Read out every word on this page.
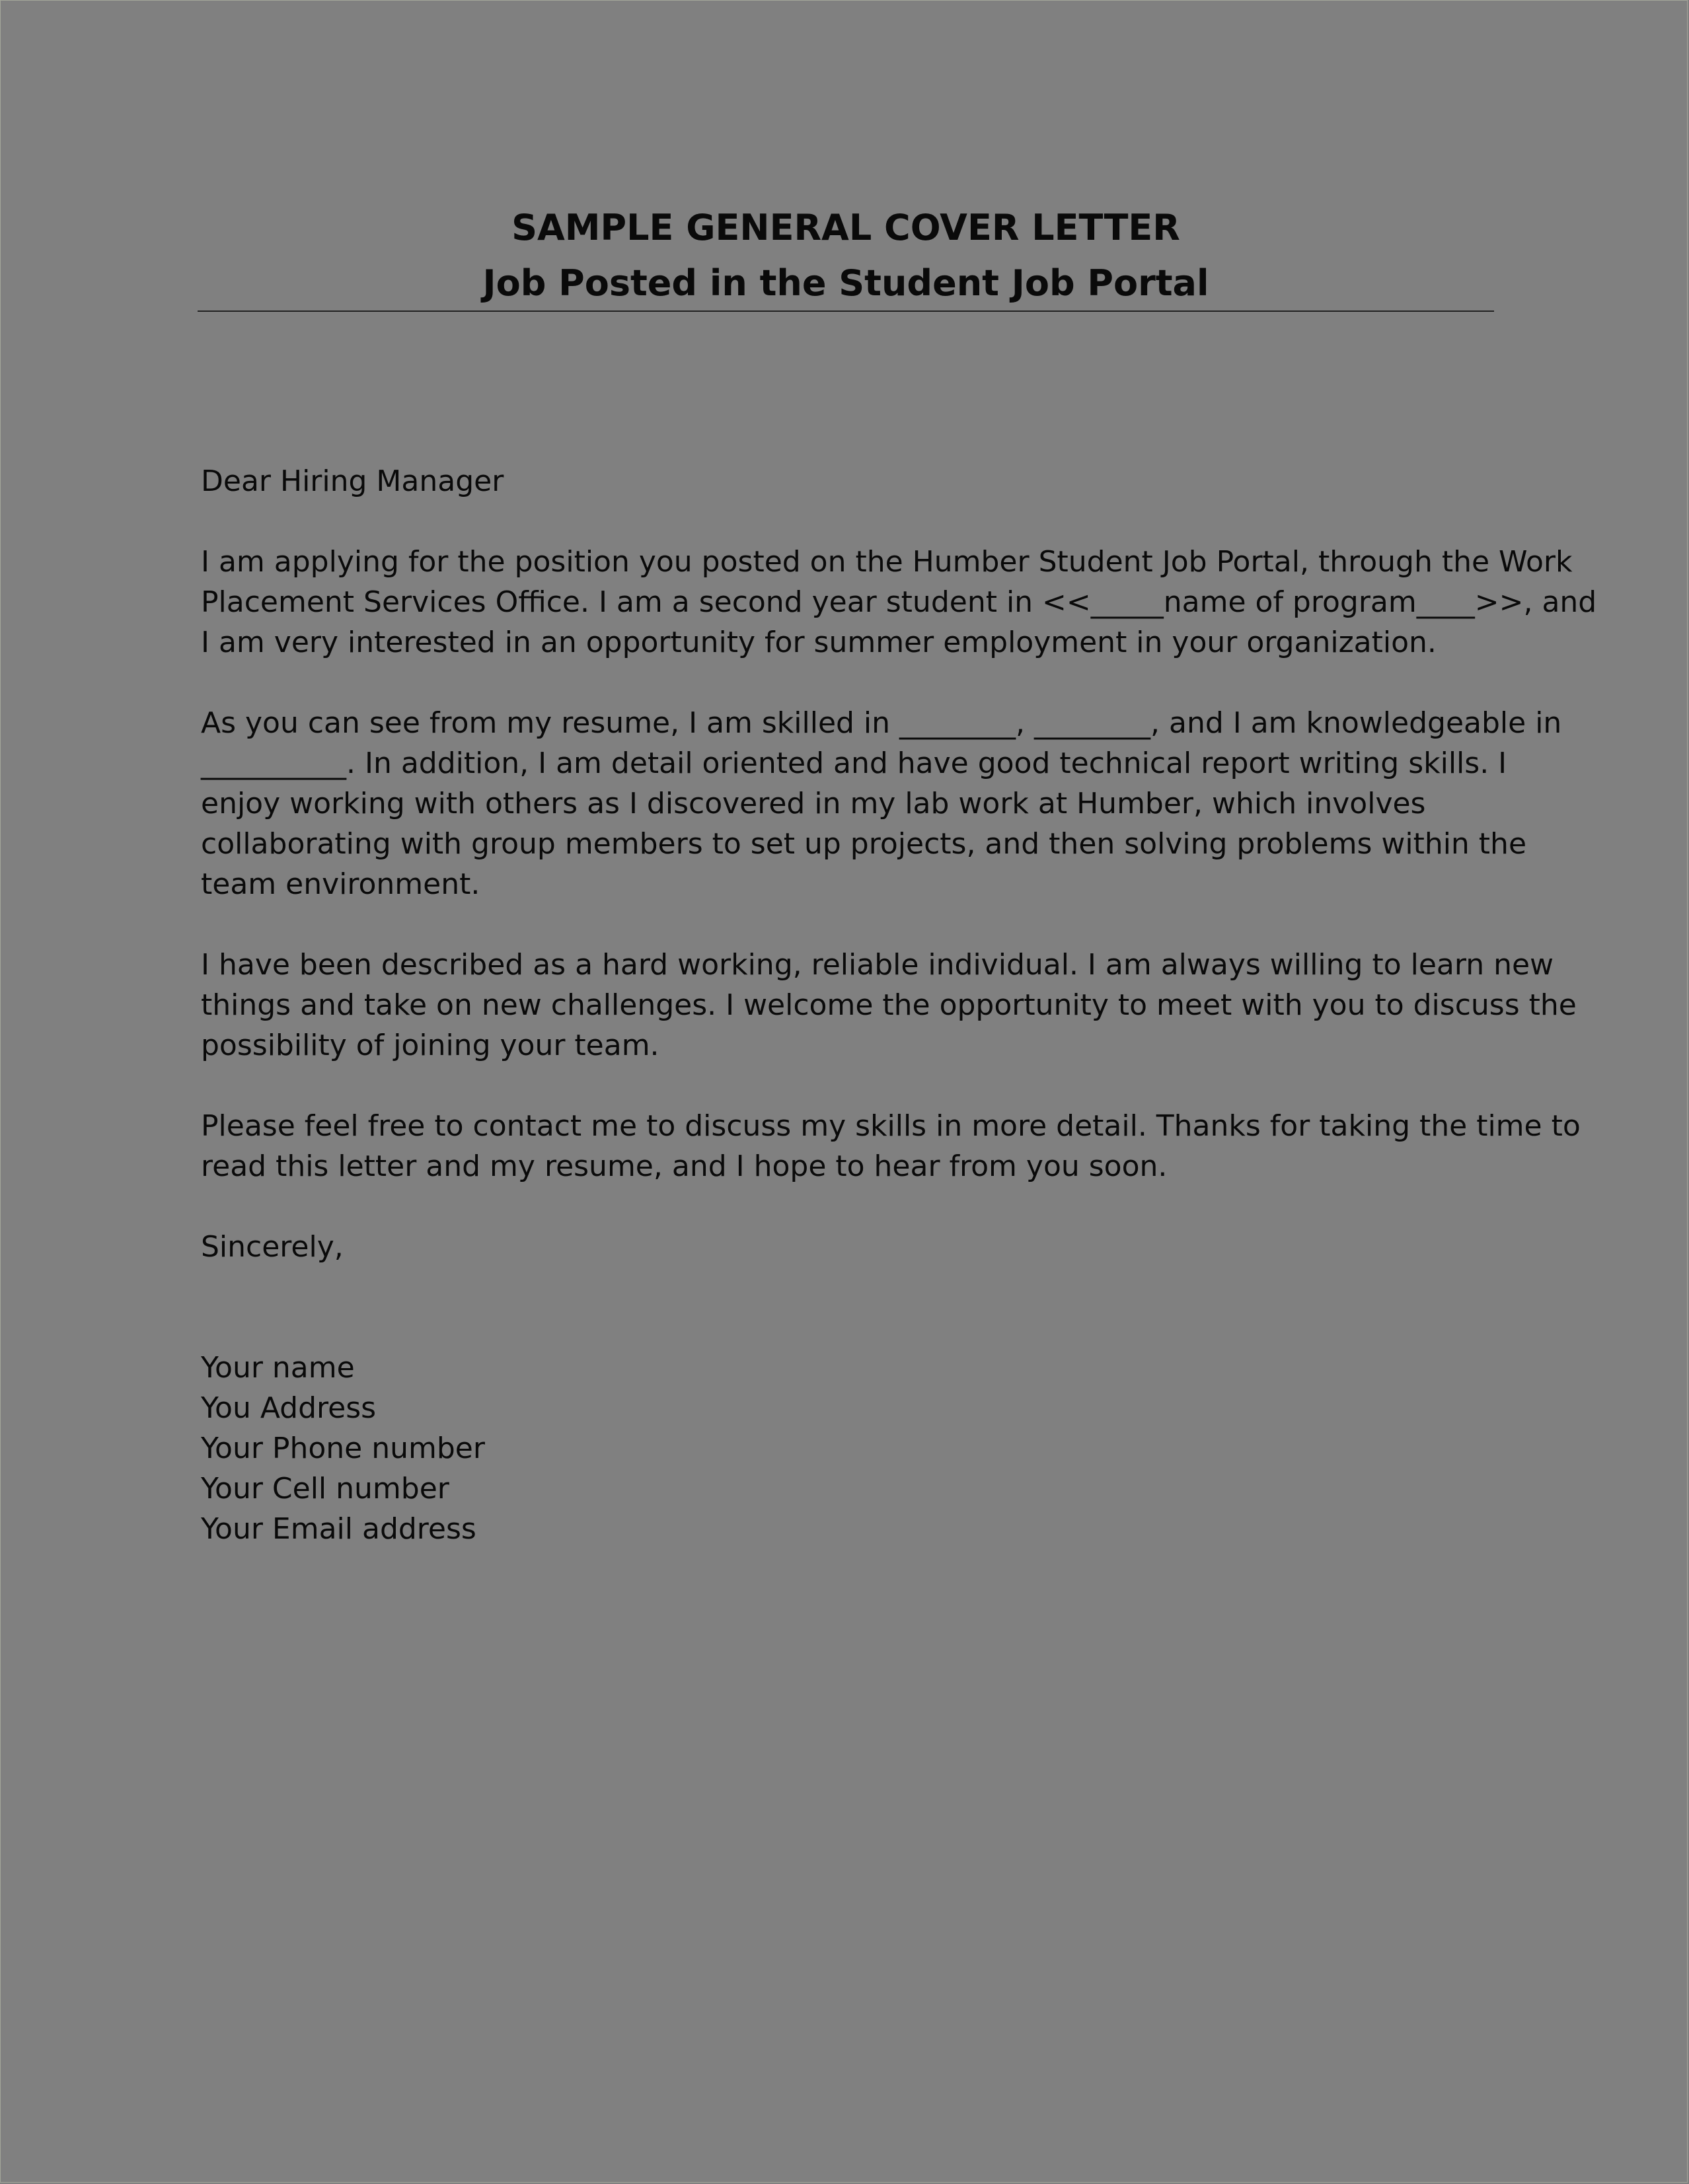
SAMPLE GENERAL COVER LETTER
Job Posted in the Student Job Portal

Dear Hiring Manager

I am applying for the position you posted on the Humber Student Job Portal, through the Work
Placement Services Office. I am a second year student in <<_____name of program____>>, and
I am very interested in an opportunity for summer employment in your organization.

As you can see from my resume, I am skilled in ________, ________, and I am knowledgeable in
__________. In addition, I am detail oriented and have good technical report writing skills. I
enjoy working with others as I discovered in my lab work at Humber, which involves
collaborating with group members to set up projects, and then solving problems within the
team environment.

I have been described as a hard working, reliable individual. I am always willing to learn new
things and take on new challenges. I welcome the opportunity to meet with you to discuss the
possibility of joining your team.

Please feel free to contact me to discuss my skills in more detail. Thanks for taking the time to
read this letter and my resume, and I hope to hear from you soon.

Sincerely,

Your name
You Address
Your Phone number
Your Cell number
Your Email address
